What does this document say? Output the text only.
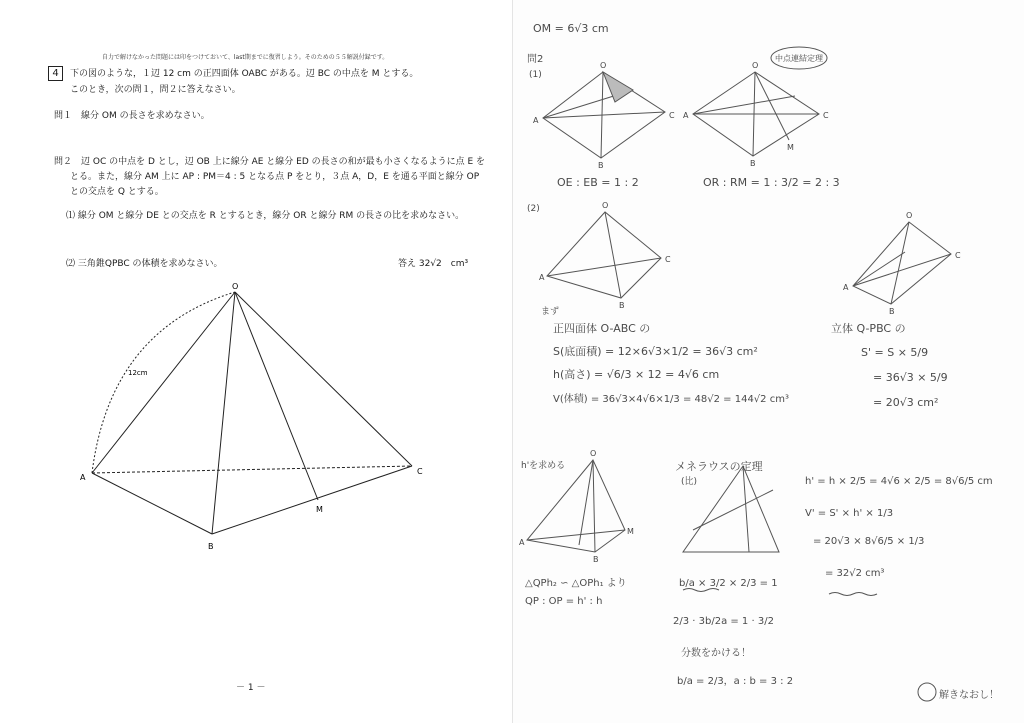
自力で解けなかった問題には印をつけておいて、last期までに復習しよう。そのための５５解説付録です。
4	下の図のような，１辺 12 cm の正四面体 OABC がある。辺 BC の中点を M とする。
このとき，次の問１，問２に答えなさい。
問１　線分 OM の長さを求めなさい。
問２　辺 OC の中点を D とし，辺 OB 上に線分 AE と線分 ED の長さの和が最も小さくなるように点 E を
とる。また，線分 AM 上に AP : PM＝4 : 5 となる点 P をとり，３点 A，D，E を通る平面と線分 OP
との交点を Q とする。
⑴ 線分 OM と線分 DE との交点を R とするとき，線分 OR と線分 RM の長さの比を求めなさい。
⑵ 三角錐QPBC の体積を求めなさい。	答え 32√2　cm³
O
A
B
C
M
12cm
－ 1 －
OM = 6√3 cm
問2
(1)
O
A
B
C
O
A
B
C
M
O
A
B
C
O
A
B
C
O
A
B
M
中点連結定理
OE : EB = 1 : 2	OR : RM = 1 : 3/2 = 2 : 3
(2)
まず
正四面体 O-ABC の
S(底面積) = 12×6√3×1/2 = 36√3 cm²
h(高さ) = √6/3 × 12 = 4√6 cm
V(体積) = 36√3×4√6×1/3 = 48√2 = 144√2 cm³
立体 Q-PBC の
S' = S × 5/9
= 36√3 × 5/9
= 20√3 cm²
h'を求める	メネラウスの定理
(比)	h' = h × 2/5 = 4√6 × 2/5 = 8√6/5 cm
V' = S' × h' × 1/3
= 20√3 × 8√6/5 × 1/3
= 32√2 cm³
△QPh₂ ∽ △OPh₁ より
QP : OP = h' : h
b/a × 3/2 × 2/3 = 1
2/3 · 3b/2a = 1 · 3/2
分数をかける！
b/a = 2/3，a : b = 3 : 2
解きなおし！
